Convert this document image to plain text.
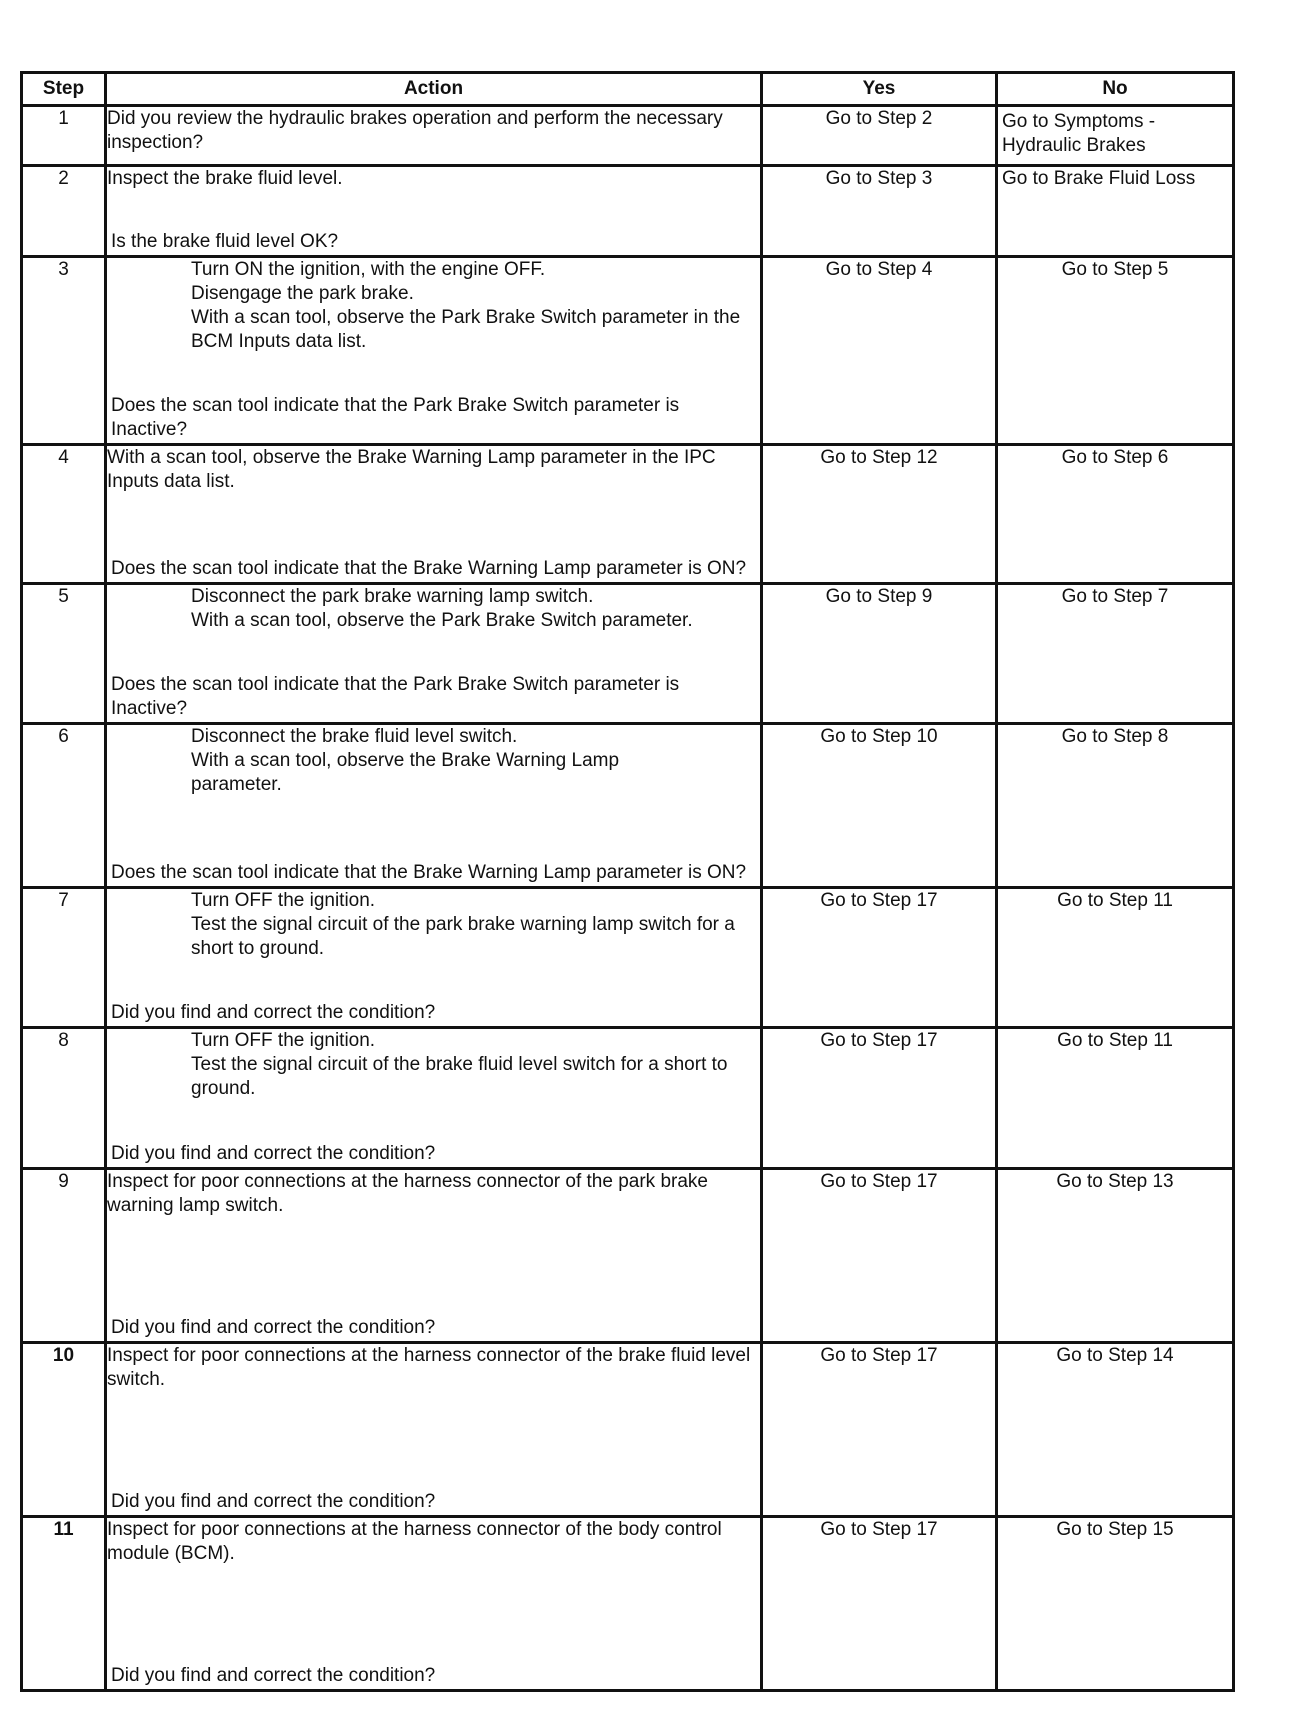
Step	Action	Yes	No
1	Did you review the hydraulic brakes operation and perform the necessary inspection?	Go to Step 2	Go to Symptoms - Hydraulic Brakes
2	Inspect the brake fluid level.
Is the brake fluid level OK?	Go to Step 3	Go to Brake Fluid Loss
3	Turn ON the ignition, with the engine OFF.
Disengage the park brake.
With a scan tool, observe the Park Brake Switch parameter in the BCM Inputs data list.
Does the scan tool indicate that the Park Brake Switch parameter is Inactive?	Go to Step 4	Go to Step 5
4	With a scan tool, observe the Brake Warning Lamp parameter in the IPC Inputs data list.
Does the scan tool indicate that the Brake Warning Lamp parameter is ON?	Go to Step 12	Go to Step 6
5	Disconnect the park brake warning lamp switch.
With a scan tool, observe the Park Brake Switch parameter.
Does the scan tool indicate that the Park Brake Switch parameter is Inactive?	Go to Step 9	Go to Step 7
6	Disconnect the brake fluid level switch.
With a scan tool, observe the Brake Warning Lamp parameter.
Does the scan tool indicate that the Brake Warning Lamp parameter is ON?	Go to Step 10	Go to Step 8
7	Turn OFF the ignition.
Test the signal circuit of the park brake warning lamp switch for a short to ground.
Did you find and correct the condition?	Go to Step 17	Go to Step 11
8	Turn OFF the ignition.
Test the signal circuit of the brake fluid level switch for a short to ground.
Did you find and correct the condition?	Go to Step 17	Go to Step 11
9	Inspect for poor connections at the harness connector of the park brake warning lamp switch.
Did you find and correct the condition?	Go to Step 17	Go to Step 13
10	Inspect for poor connections at the harness connector of the brake fluid level switch.
Did you find and correct the condition?	Go to Step 17	Go to Step 14
11	Inspect for poor connections at the harness connector of the body control module (BCM).
Did you find and correct the condition?	Go to Step 17	Go to Step 15
